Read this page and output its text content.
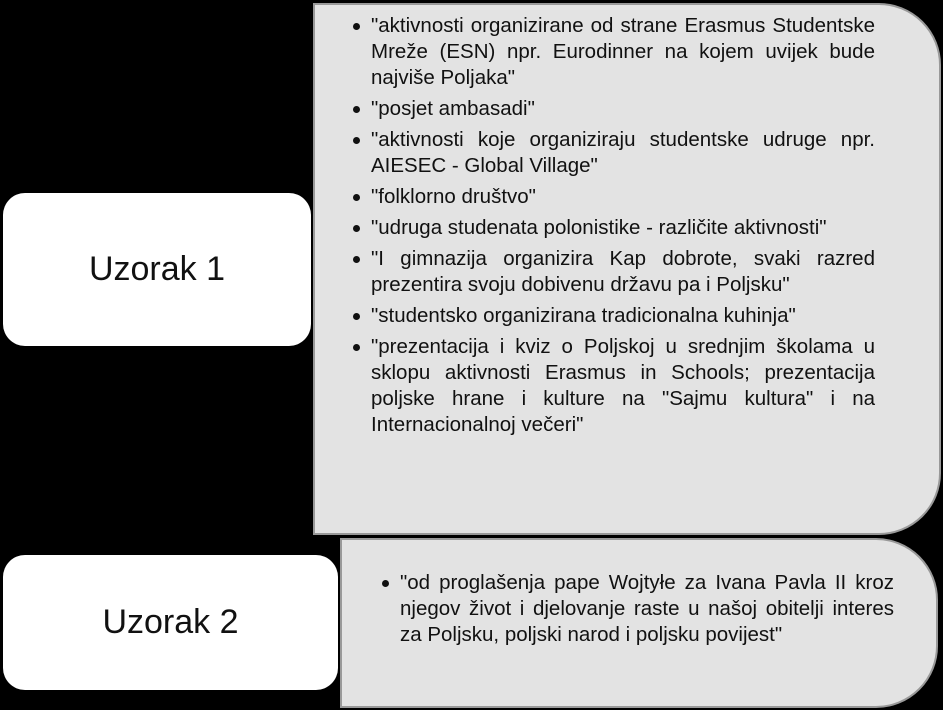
Uzorak 1
"aktivnosti organizirane od strane Erasmus Studentske Mreže (ESN) npr. Eurodinner na kojem uvijek bude najviše Poljaka"
"posjet ambasadi"
"aktivnosti koje organiziraju studentske udruge npr. AIESEC - Global Village"
"folklorno društvo"
"udruga studenata polonistike - različite aktivnosti"
"I gimnazija organizira Kap dobrote, svaki razred prezentira svoju dobivenu državu pa i Poljsku"
"studentsko organizirana tradicionalna kuhinja"
"prezentacija i kviz o Poljskoj u srednjim školama u sklopu aktivnosti Erasmus in Schools; prezentacija poljske hrane i kulture na "Sajmu kultura" i na Internacionalnoj večeri"
Uzorak 2
"od proglašenja pape Wojtyłe za Ivana Pavla II kroz njegov život i djelovanje raste u našoj obitelji interes za Poljsku, poljski narod i poljsku povijest"
